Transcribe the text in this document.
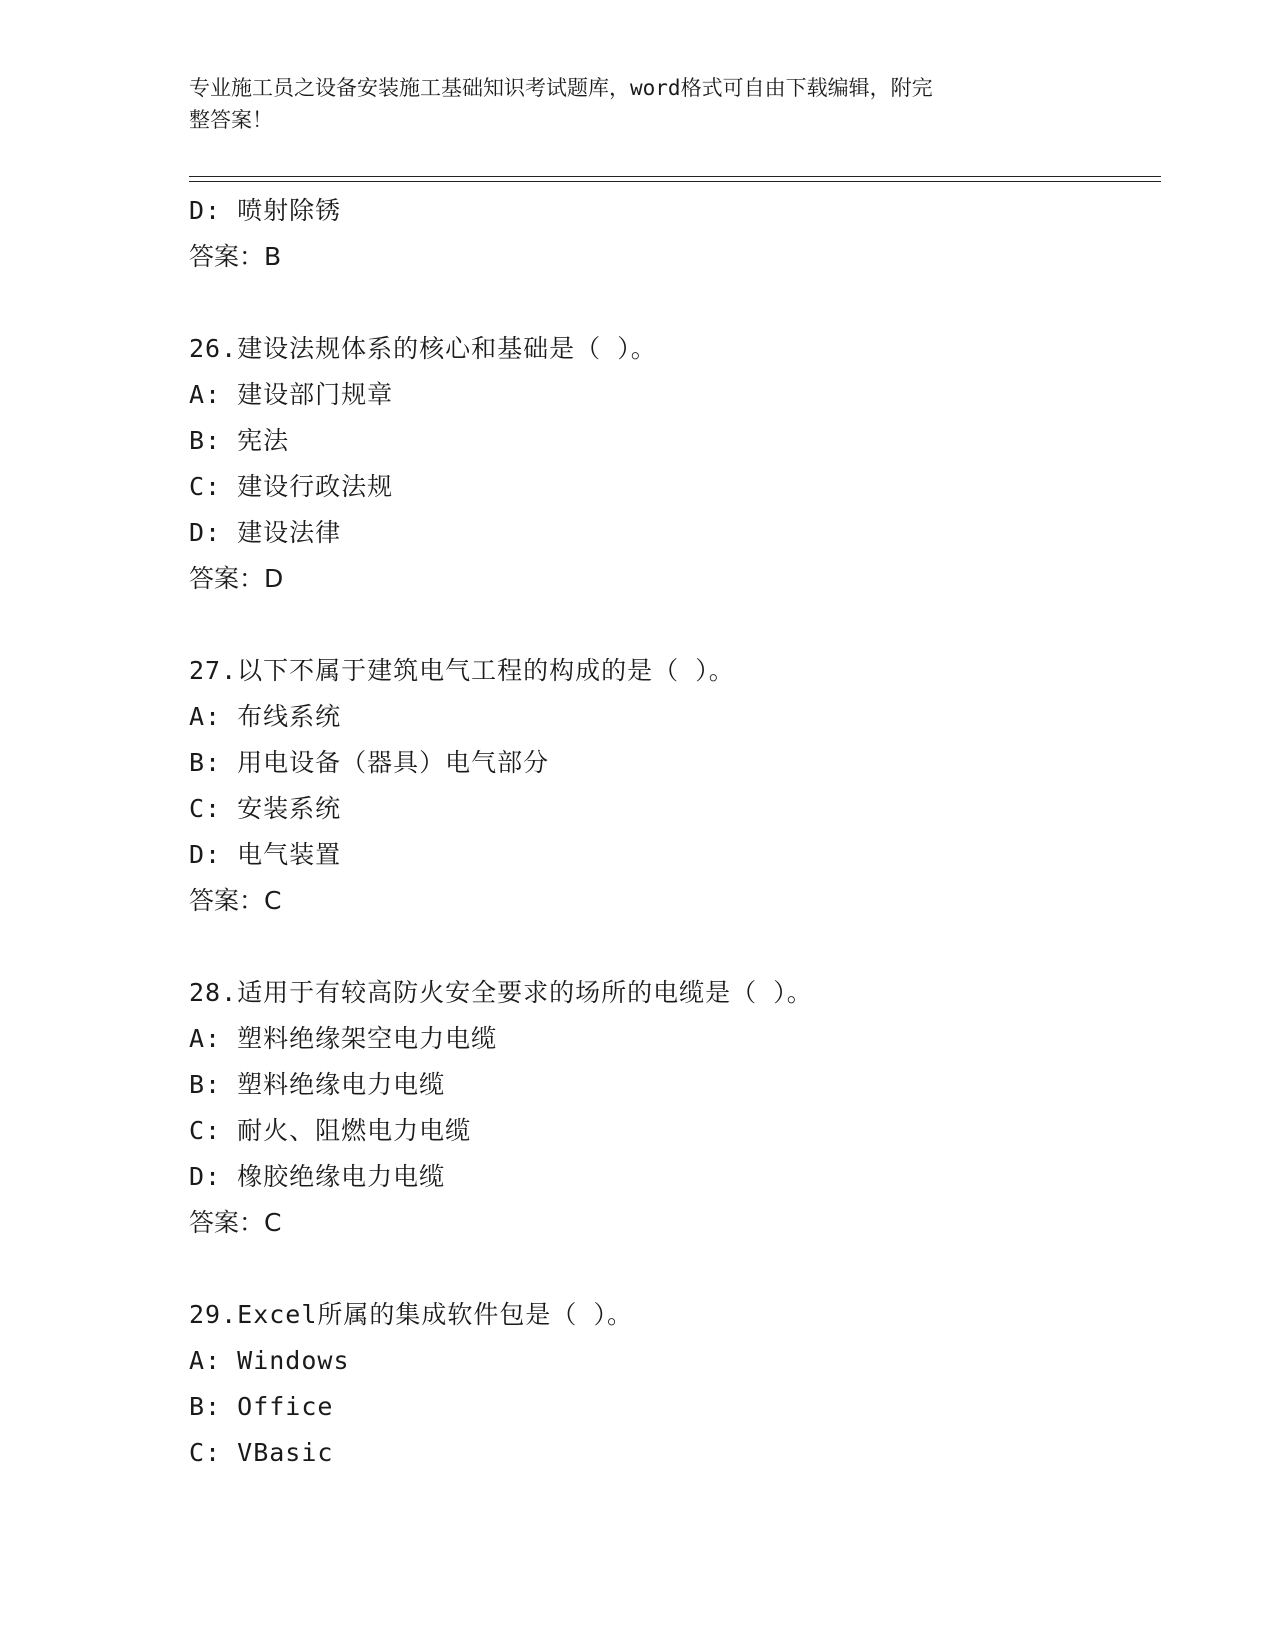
专业施工员之设备安装施工基础知识考试题库，word格式可自由下载编辑，附完
整答案！
D: 喷射除锈
答案：B
26.建设法规体系的核心和基础是（ ）。
A: 建设部门规章
B: 宪法
C: 建设行政法规
D: 建设法律
答案：D
27.以下不属于建筑电气工程的构成的是（ ）。
A: 布线系统
B: 用电设备（器具）电气部分
C: 安装系统
D: 电气装置
答案：C
28.适用于有较高防火安全要求的场所的电缆是（ ）。
A: 塑料绝缘架空电力电缆
B: 塑料绝缘电力电缆
C: 耐火、阻燃电力电缆
D: 橡胶绝缘电力电缆
答案：C
29.Excel所属的集成软件包是（ ）。
A: Windows
B: Office
C: VBasic
